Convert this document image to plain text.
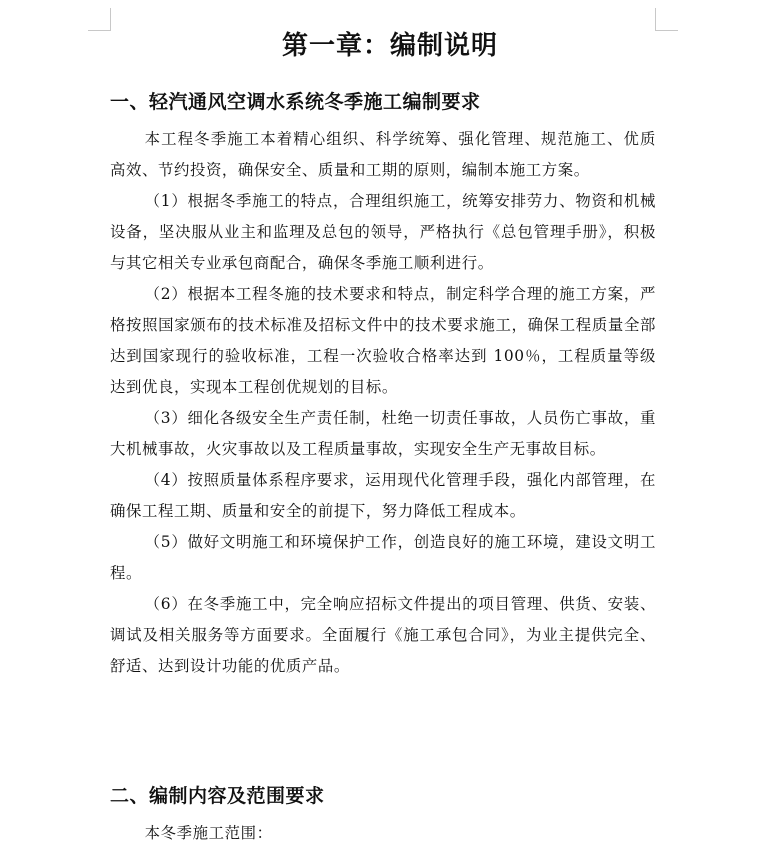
第一章：编制说明
一、轻汽通风空调水系统冬季施工编制要求

本工程冬季施工本着精心组织、科学统筹、强化管理、规范施工、优质高效、节约投资，确保安全、质量和工期的原则，编制本施工方案。

（1）根据冬季施工的特点，合理组织施工，统筹安排劳力、物资和机械设备，坚决服从业主和监理及总包的领导，严格执行《总包管理手册》，积极与其它相关专业承包商配合，确保冬季施工顺利进行。

（2）根据本工程冬施的技术要求和特点，制定科学合理的施工方案，严格按照国家颁布的技术标准及招标文件中的技术要求施工，确保工程质量全部达到国家现行的验收标准，工程一次验收合格率达到 100％，工程质量等级达到优良，实现本工程创优规划的目标。

（3）细化各级安全生产责任制，杜绝一切责任事故，人员伤亡事故，重大机械事故，火灾事故以及工程质量事故，实现安全生产无事故目标。

（4）按照质量体系程序要求，运用现代化管理手段，强化内部管理，在确保工程工期、质量和安全的前提下，努力降低工程成本。

（5）做好文明施工和环境保护工作，创造良好的施工环境，建设文明工程。

（6）在冬季施工中，完全响应招标文件提出的项目管理、供货、安装、调试及相关服务等方面要求。全面履行《施工承包合同》，为业主提供完全、舒适、达到设计功能的优质产品。

二、编制内容及范围要求

本冬季施工范围：
